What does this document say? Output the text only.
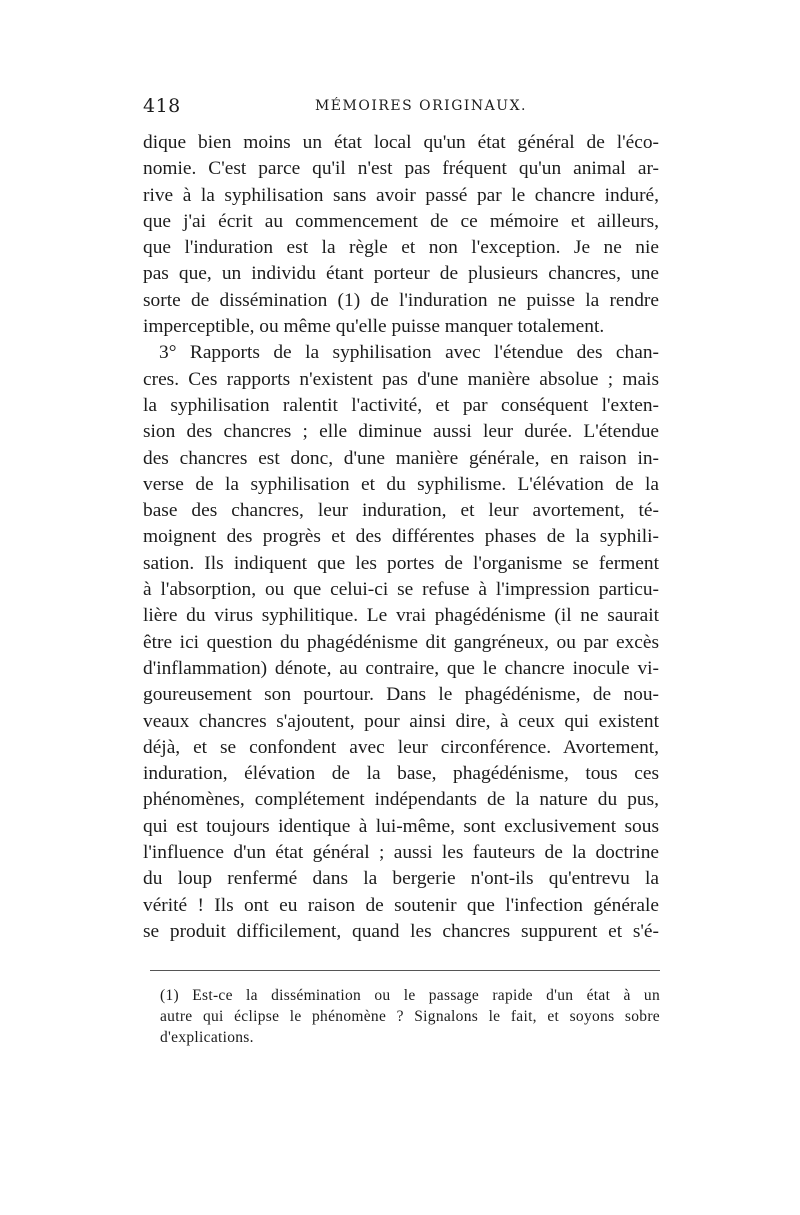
418	MÉMOIRES ORIGINAUX.
dique bien moins un état local qu'un état général de l'éco-
nomie. C'est parce qu'il n'est pas fréquent qu'un animal ar-
rive à la syphilisation sans avoir passé par le chancre induré,
que j'ai écrit au commencement de ce mémoire et ailleurs,
que l'induration est la règle et non l'exception. Je ne nie
pas que, un individu étant porteur de plusieurs chancres, une
sorte de dissémination (1) de l'induration ne puisse la rendre
imperceptible, ou même qu'elle puisse manquer totalement.
3° Rapports de la syphilisation avec l'étendue des chan-
cres. Ces rapports n'existent pas d'une manière absolue ; mais
la syphilisation ralentit l'activité, et par conséquent l'exten-
sion des chancres ; elle diminue aussi leur durée. L'étendue
des chancres est donc, d'une manière générale, en raison in-
verse de la syphilisation et du syphilisme. L'élévation de la
base des chancres, leur induration, et leur avortement, té-
moignent des progrès et des différentes phases de la syphili-
sation. Ils indiquent que les portes de l'organisme se ferment
à l'absorption, ou que celui-ci se refuse à l'impression particu-
lière du virus syphilitique. Le vrai phagédénisme (il ne saurait
être ici question du phagédénisme dit gangréneux, ou par excès
d'inflammation) dénote, au contraire, que le chancre inocule vi-
goureusement son pourtour. Dans le phagédénisme, de nou-
veaux chancres s'ajoutent, pour ainsi dire, à ceux qui existent
déjà, et se confondent avec leur circonférence. Avortement,
induration, élévation de la base, phagédénisme, tous ces
phénomènes, complétement indépendants de la nature du pus,
qui est toujours identique à lui-même, sont exclusivement sous
l'influence d'un état général ; aussi les fauteurs de la doctrine
du loup renfermé dans la bergerie n'ont-ils qu'entrevu la
vérité ! Ils ont eu raison de soutenir que l'infection générale
se produit difficilement, quand les chancres suppurent et s'é-
(1) Est-ce la dissémination ou le passage rapide d'un état à un
autre qui éclipse le phénomène ? Signalons le fait, et soyons sobre
d'explications.
